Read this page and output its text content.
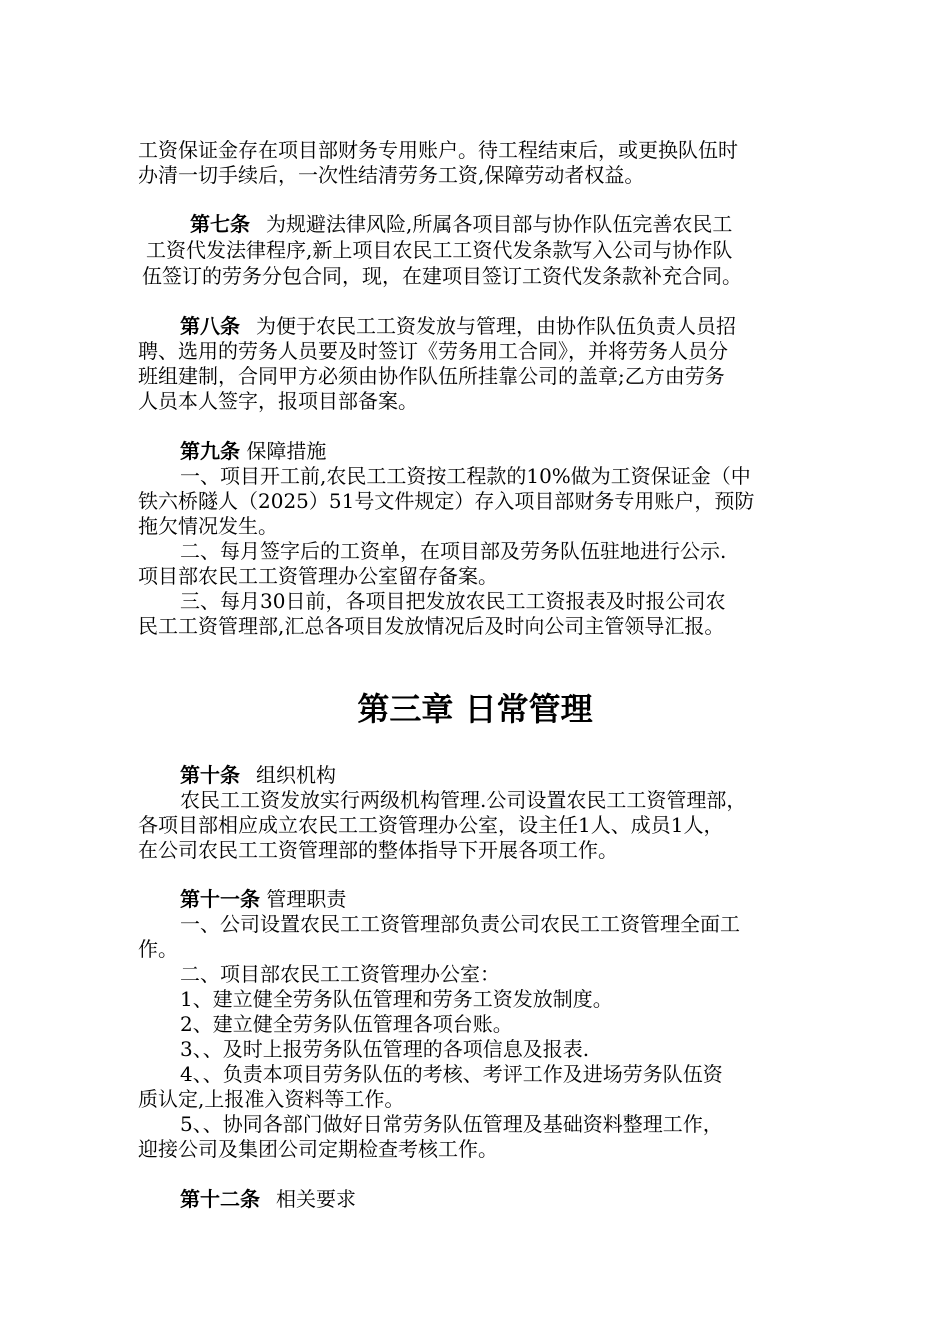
工资保证金存在项目部财务专用账户。待工程结束后，或更换队伍时
办清一切手续后，一次性结清劳务工资,保障劳动者权益。
第七条 为规避法律风险,所属各项目部与协作队伍完善农民工
工资代发法律程序,新上项目农民工工资代发条款写入公司与协作队
伍签订的劳务分包合同，现，在建项目签订工资代发条款补充合同。
第八条 为便于农民工工资发放与管理，由协作队伍负责人员招
聘、选用的劳务人员要及时签订《劳务用工合同》，并将劳务人员分
班组建制，合同甲方必须由协作队伍所挂靠公司的盖章;乙方由劳务
人员本人签字，报项目部备案。
第九条 保障措施
一、项目开工前,农民工工资按工程款的10%做为工资保证金（中
铁六桥隧人（2025）51号文件规定）存入项目部财务专用账户，预防
拖欠情况发生。
二、每月签字后的工资单，在项目部及劳务队伍驻地进行公示.
项目部农民工工资管理办公室留存备案。
三、每月30日前，各项目把发放农民工工资报表及时报公司农
民工工资管理部,汇总各项目发放情况后及时向公司主管领导汇报。
第三章 日常管理
第十条 组织机构
农民工工资发放实行两级机构管理.公司设置农民工工资管理部，
各项目部相应成立农民工工资管理办公室，设主任1人、成员1人，
在公司农民工工资管理部的整体指导下开展各项工作。
第十一条 管理职责
一、公司设置农民工工资管理部负责公司农民工工资管理全面工
作。
二、项目部农民工工资管理办公室：
1、建立健全劳务队伍管理和劳务工资发放制度。
2、建立健全劳务队伍管理各项台账。
3、、及时上报劳务队伍管理的各项信息及报表.
4、、负责本项目劳务队伍的考核、考评工作及进场劳务队伍资
质认定,上报准入资料等工作。
5、、协同各部门做好日常劳务队伍管理及基础资料整理工作，
迎接公司及集团公司定期检查考核工作。
第十二条 相关要求
